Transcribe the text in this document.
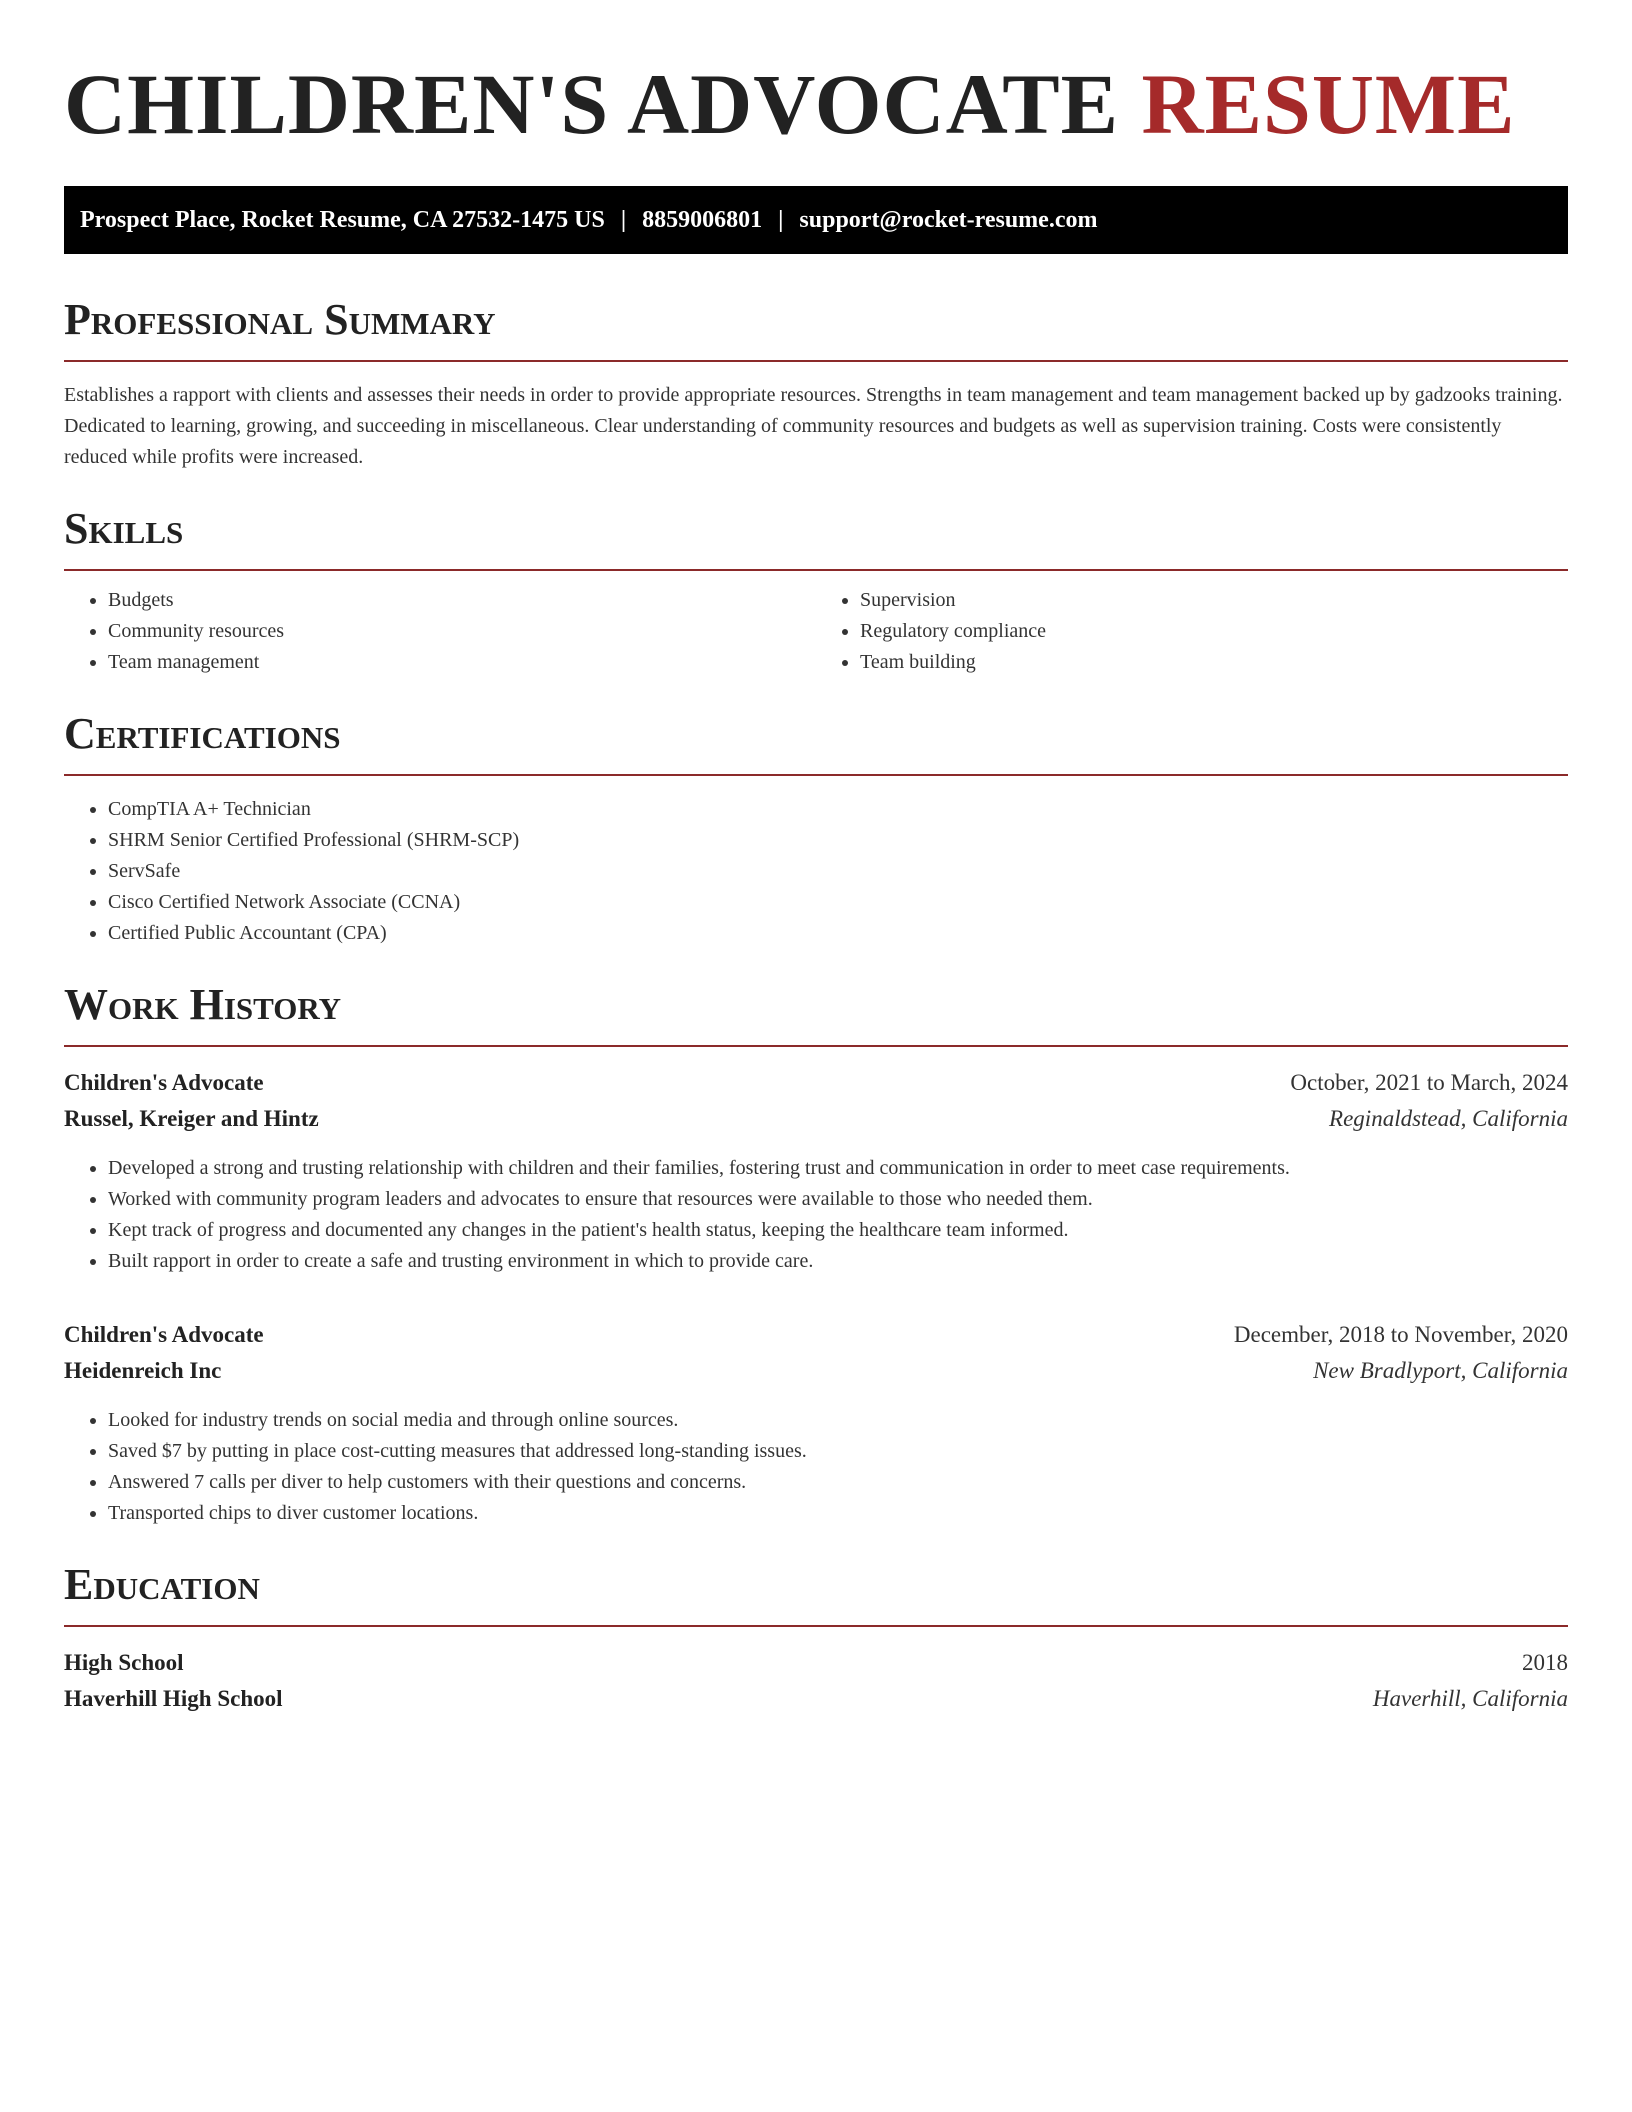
CHILDREN'S ADVOCATE RESUME
Prospect Place, Rocket Resume, CA 27532-1475 US | 8859006801 | support@rocket-resume.com
Professional Summary

Establishes a rapport with clients and assesses their needs in order to provide appropriate resources. Strengths in team management and team management backed up by gadzooks training. Dedicated to learning, growing, and succeeding in miscellaneous. Clear understanding of community resources and budgets as well as supervision training. Costs were consistently reduced while profits were increased.

Skills
• Budgets
• Community resources
• Team management
• Supervision
• Regulatory compliance
• Team building
Certifications
• CompTIA A+ Technician
• SHRM Senior Certified Professional (SHRM-SCP)
• ServSafe
• Cisco Certified Network Associate (CCNA)
• Certified Public Accountant (CPA)
Work History
Children's Advocate	October, 2021 to March, 2024
Russel, Kreiger and Hintz	Reginaldstead, California
• Developed a strong and trusting relationship with children and their families, fostering trust and communication in order to meet case requirements.
• Worked with community program leaders and advocates to ensure that resources were available to those who needed them.
• Kept track of progress and documented any changes in the patient's health status, keeping the healthcare team informed.
• Built rapport in order to create a safe and trusting environment in which to provide care.
Children's Advocate	December, 2018 to November, 2020
Heidenreich Inc	New Bradlyport, California
• Looked for industry trends on social media and through online sources.
• Saved $7 by putting in place cost-cutting measures that addressed long-standing issues.
• Answered 7 calls per diver to help customers with their questions and concerns.
• Transported chips to diver customer locations.
Education
High School	2018
Haverhill High School	Haverhill, California
